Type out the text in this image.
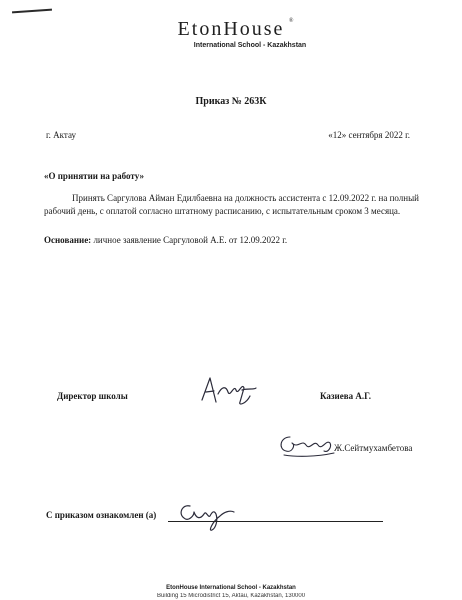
EtonHouse ®
International School - Kazakhstan
Приказ № 263К
г. Актау	«12» сентября 2022 г.
«О принятии на работу»
Принять Саргулова Айман Едилбаевна на должность ассистента с 12.09.2022 г. на полный рабочий день, с оплатой согласно штатному расписанию, с испытательным сроком 3 месяца.
Основание: личное заявление Саргуловой А.Е. от 12.09.2022 г.
Директор школы	Казиева А.Г.
Ж.Сейтмухамбетова
С приказом ознакомлен (а)
EtonHouse International School - Kazakhstan
Building 15 Microdistrict 15, Aktau, Kazakhstan, 130000
